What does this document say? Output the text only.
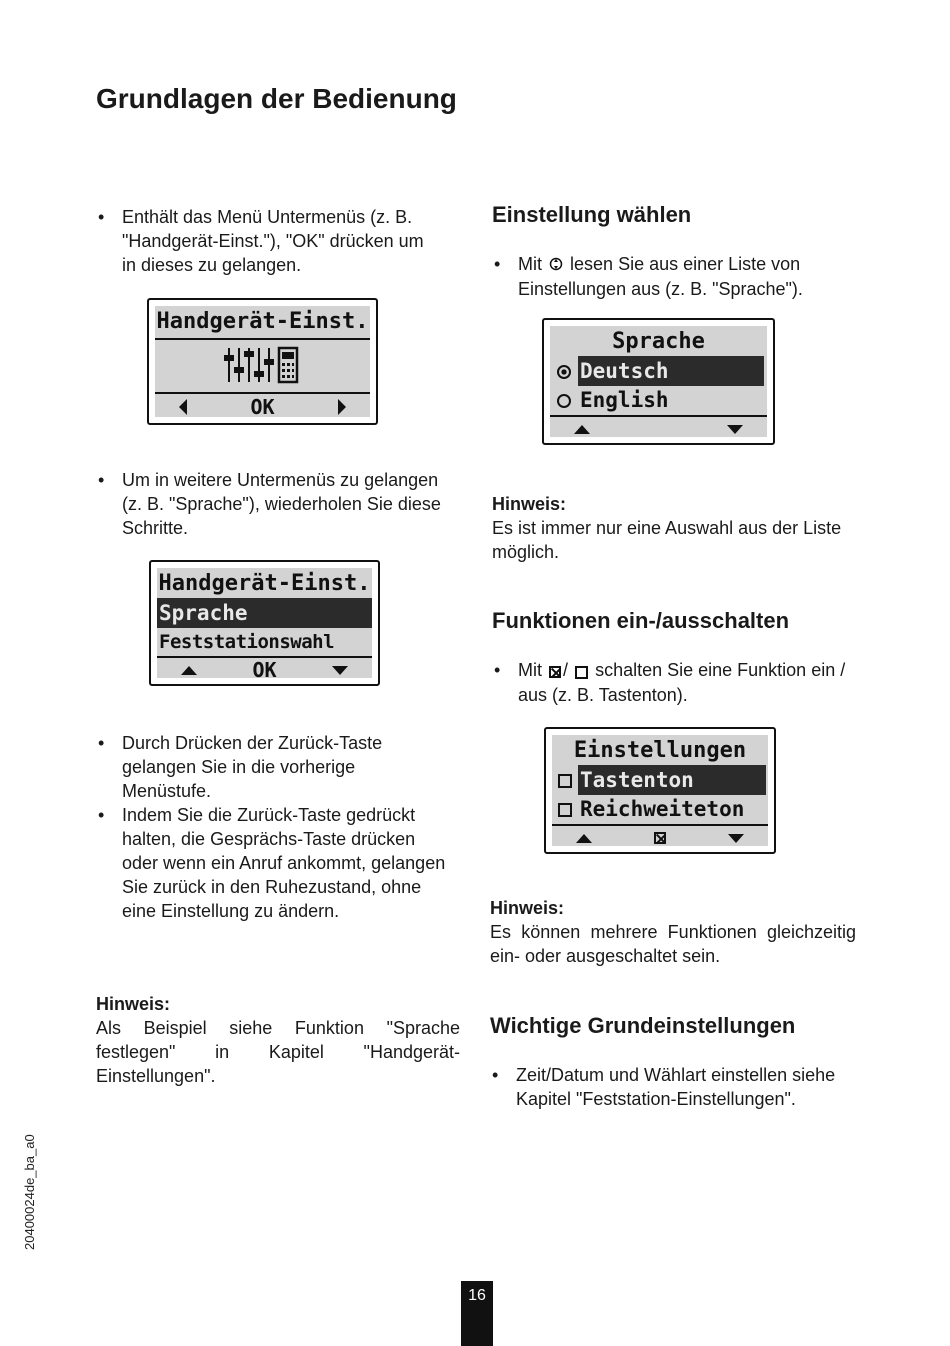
Grundlagen der Bedienung
• Enthält das Menü Untermenüs (z. B. "Handgerät-Einst."), "OK" drücken um in dieses zu gelangen.
Handgerät-Einst.
OK
• Um in weitere Untermenüs zu gelangen (z. B. "Sprache"), wiederholen Sie diese Schritte.
Handgerät-Einst.
Sprache
Feststationswahl
OK
• Durch Drücken der Zurück-Taste gelangen Sie in die vorherige Menüstufe.
• Indem Sie die Zurück-Taste gedrückt halten, die Gesprächs-Taste drücken oder wenn ein Anruf ankommt, gelangen Sie zurück in den Ruhezustand, ohne eine Einstellung zu ändern.

Hinweis:

Als Beispiel siehe Funktion "Sprache festlegen" in Kapitel "Handgerät-Einstellungen".

Einstellung wählen
• Mit lesen Sie aus einer Liste von Einstellungen aus (z. B. "Sprache").
Sprache
Deutsch
English

Hinweis:

Es ist immer nur eine Auswahl aus der Liste möglich.

Funktionen ein-/ausschalten
• Mit / schalten Sie eine Funktion ein / aus (z. B. Tastenton).
Einstellungen
Tastenton
Reichweiteton

Hinweis:

Es können mehrere Funktionen gleichzeitig ein- oder ausgeschaltet sein.

Wichtige Grundeinstellungen
• Zeit/Datum und Wählart einstellen siehe Kapitel "Feststation-Einstellungen".
20400024de_ba_a0
16
